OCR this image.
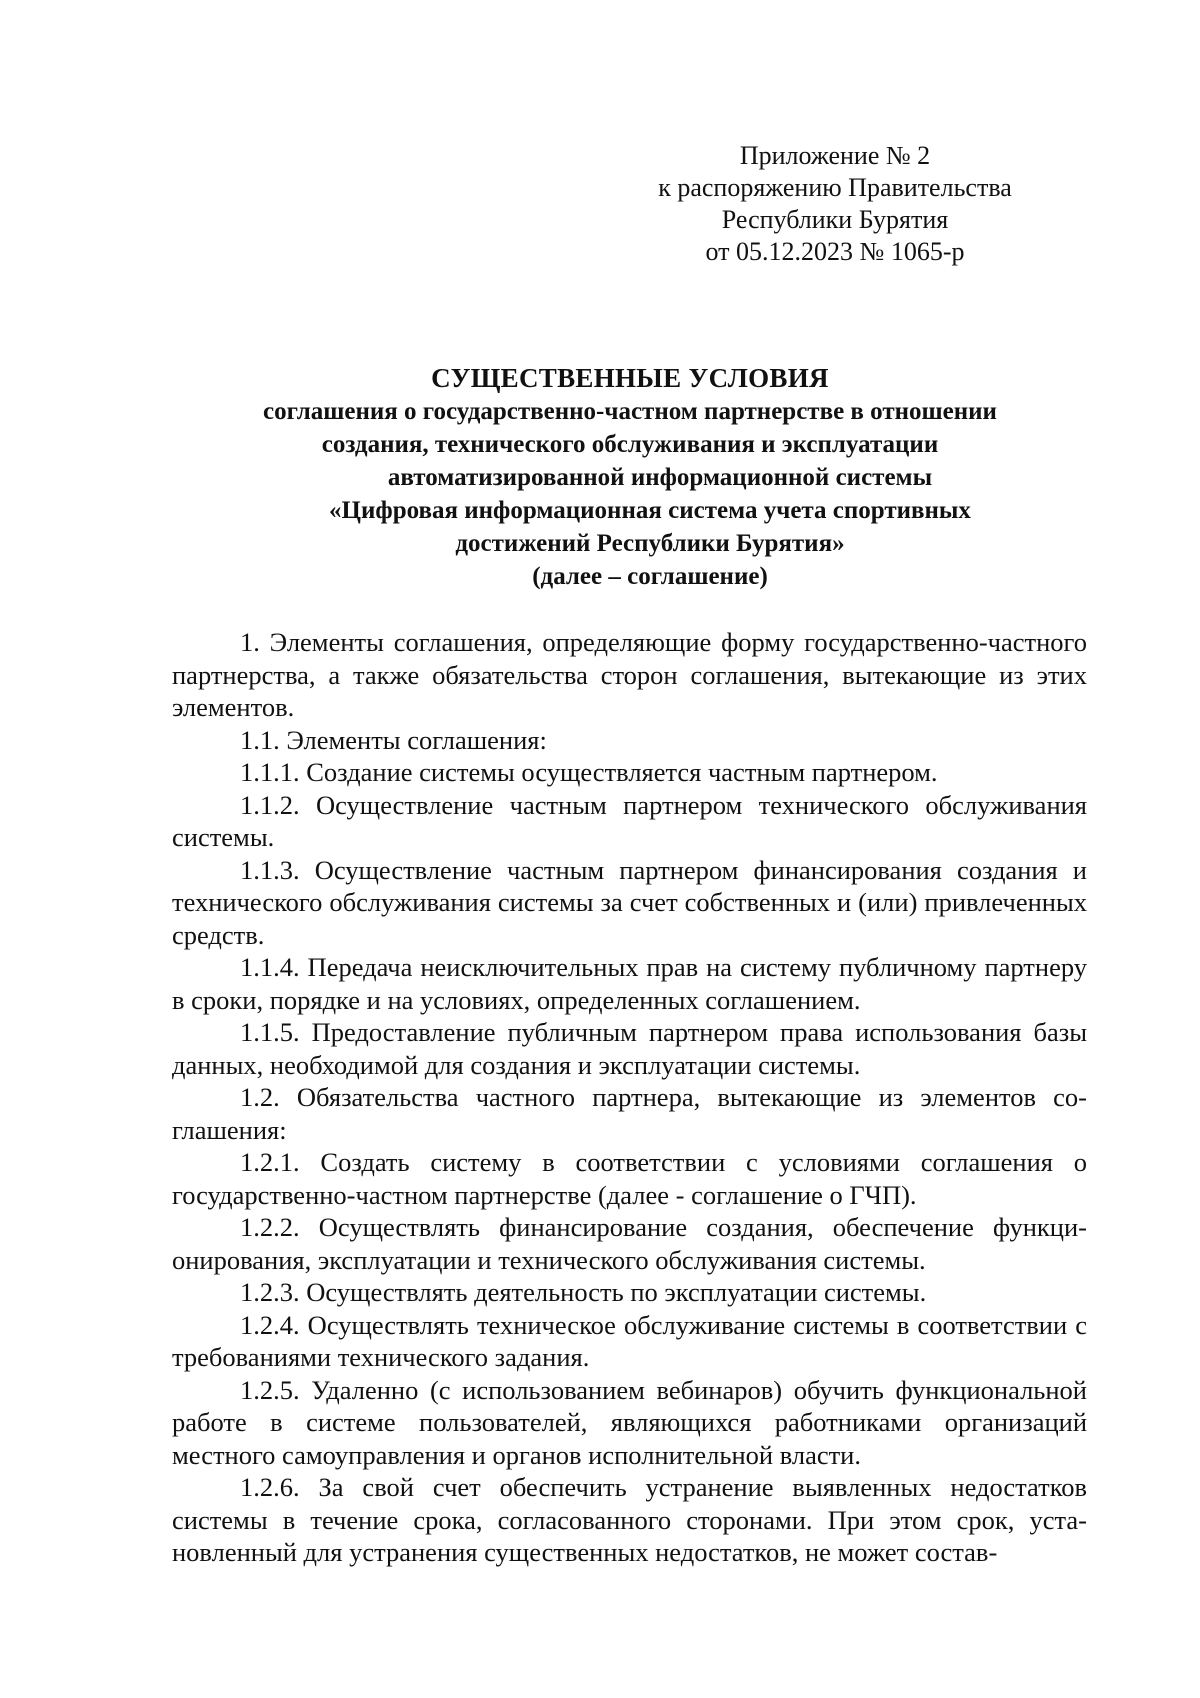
Приложение № 2
к распоряжению Правительства
Республики Бурятия
от 05.12.2023 № 1065-р
СУЩЕСТВЕННЫЕ УСЛОВИЯ
соглашения о государственно-частном партнерстве в отношении
создания, технического обслуживания и эксплуатации
автоматизированной информационной системы
«Цифровая информационная система учета спортивных
достижений Республики Бурятия»
(далее – соглашение)

1. Элементы соглашения, определяющие форму государственно-частного партнерства, а также обязательства сторон соглашения, вытекающие из этих элементов.

1.1. Элементы соглашения:

1.1.1. Создание системы осуществляется частным партнером.

1.1.2. Осуществление частным партнером технического обслуживания системы.

1.1.3. Осуществление частным партнером финансирования создания и технического обслуживания системы за счет собственных и (или) привлеченных средств.

1.1.4. Передача неисключительных прав на систему публичному партнеру в сроки, порядке и на условиях, определенных соглашением.

1.1.5. Предоставление публичным партнером права использования базы данных, необходимой для создания и эксплуатации системы.

1.2. Обязательства частного партнера, вытекающие из элементов соглашения:

1.2.1. Создать систему в соответствии с условиями соглашения о государственно-частном партнерстве (далее - соглашение о ГЧП).

1.2.2. Осуществлять финансирование создания, обеспечение функционирования, эксплуатации и технического обслуживания системы.

1.2.3. Осуществлять деятельность по эксплуатации системы.

1.2.4. Осуществлять техническое обслуживание системы в соответствии с требованиями технического задания.

1.2.5. Удаленно (с использованием вебинаров) обучить функциональной работе в системе пользователей, являющихся работниками организаций местного самоуправления и органов исполнительной власти.

1.2.6. За свой счет обеспечить устранение выявленных недостатков системы в течение срока, согласованного сторонами. При этом срок, установленный для устранения существенных недостатков, не может состав-
